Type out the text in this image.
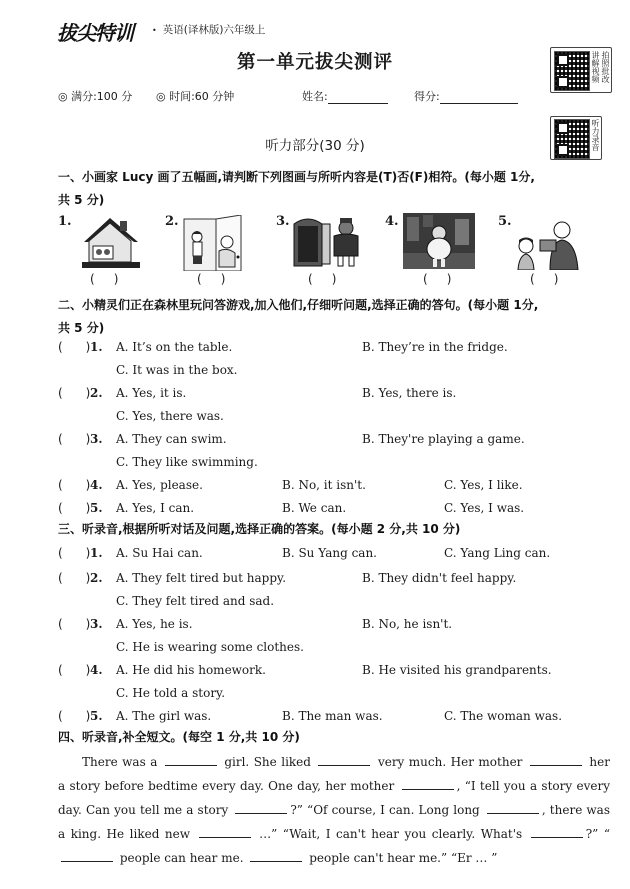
拔尖特训 • 英语(译林版)六年级上
第一单元拔尖测评	拍照批改
讲解视频
◎ 满分:100 分 ◎ 时间:60 分钟	姓名:	得分:
听力部分(30 分)	听力录音
一、小画家 Lucy 画了五幅画,请判断下列图画与所听内容是(T)否(F)相符。(每小题 1分,
共 5 分)
1.
(     )
2.
(     )
3.
(     )
4.
(     )
5.
(     )
二、小精灵们正在森林里玩问答游戏,加入他们,仔细听问题,选择正确的答句。(每小题 1分,
共 5 分)
(      ) 1. A. It’s on the table.	B. They’re in the fridge.
C. It was in the box.
(      ) 2. A. Yes, it is.	B. Yes, there is.
C. Yes, there was.
(      ) 3. A. They can swim.	B. They're playing a game.
C. They like swimming.
(      ) 4. A. Yes, please.	B. No, it isn't.	C. Yes, I like.
(      ) 5. A. Yes, I can.	B. We can.	C. Yes, I was.
三、听录音,根据所听对话及问题,选择正确的答案。(每小题 2 分,共 10 分)
(      ) 1. A. Su Hai can.	B. Su Yang can.	C. Yang Ling can.
(      ) 2. A. They felt tired but happy.	B. They didn't feel happy.
C. They felt tired and sad.
(      ) 3. A. Yes, he is.	B. No, he isn't.
C. He is wearing some clothes.
(      ) 4. A. He did his homework.	B. He visited his grandparents.
C. He told a story.
(      ) 5. A. The girl was.	B. The man was.	C. The woman was.
四、听录音,补全短文。(每空 1 分,共 10 分)

There was a	girl. She liked	very much. Her mother	her a story before bedtime every day. One day, her mother	, “I tell you a story every day. Can you tell me a story	?” “Of course, I can. Long long	, there was a king. He liked new	…” “Wait, I can't hear you clearly. What's	?” “  people can hear me.	people can't hear me.” “Er … ”
